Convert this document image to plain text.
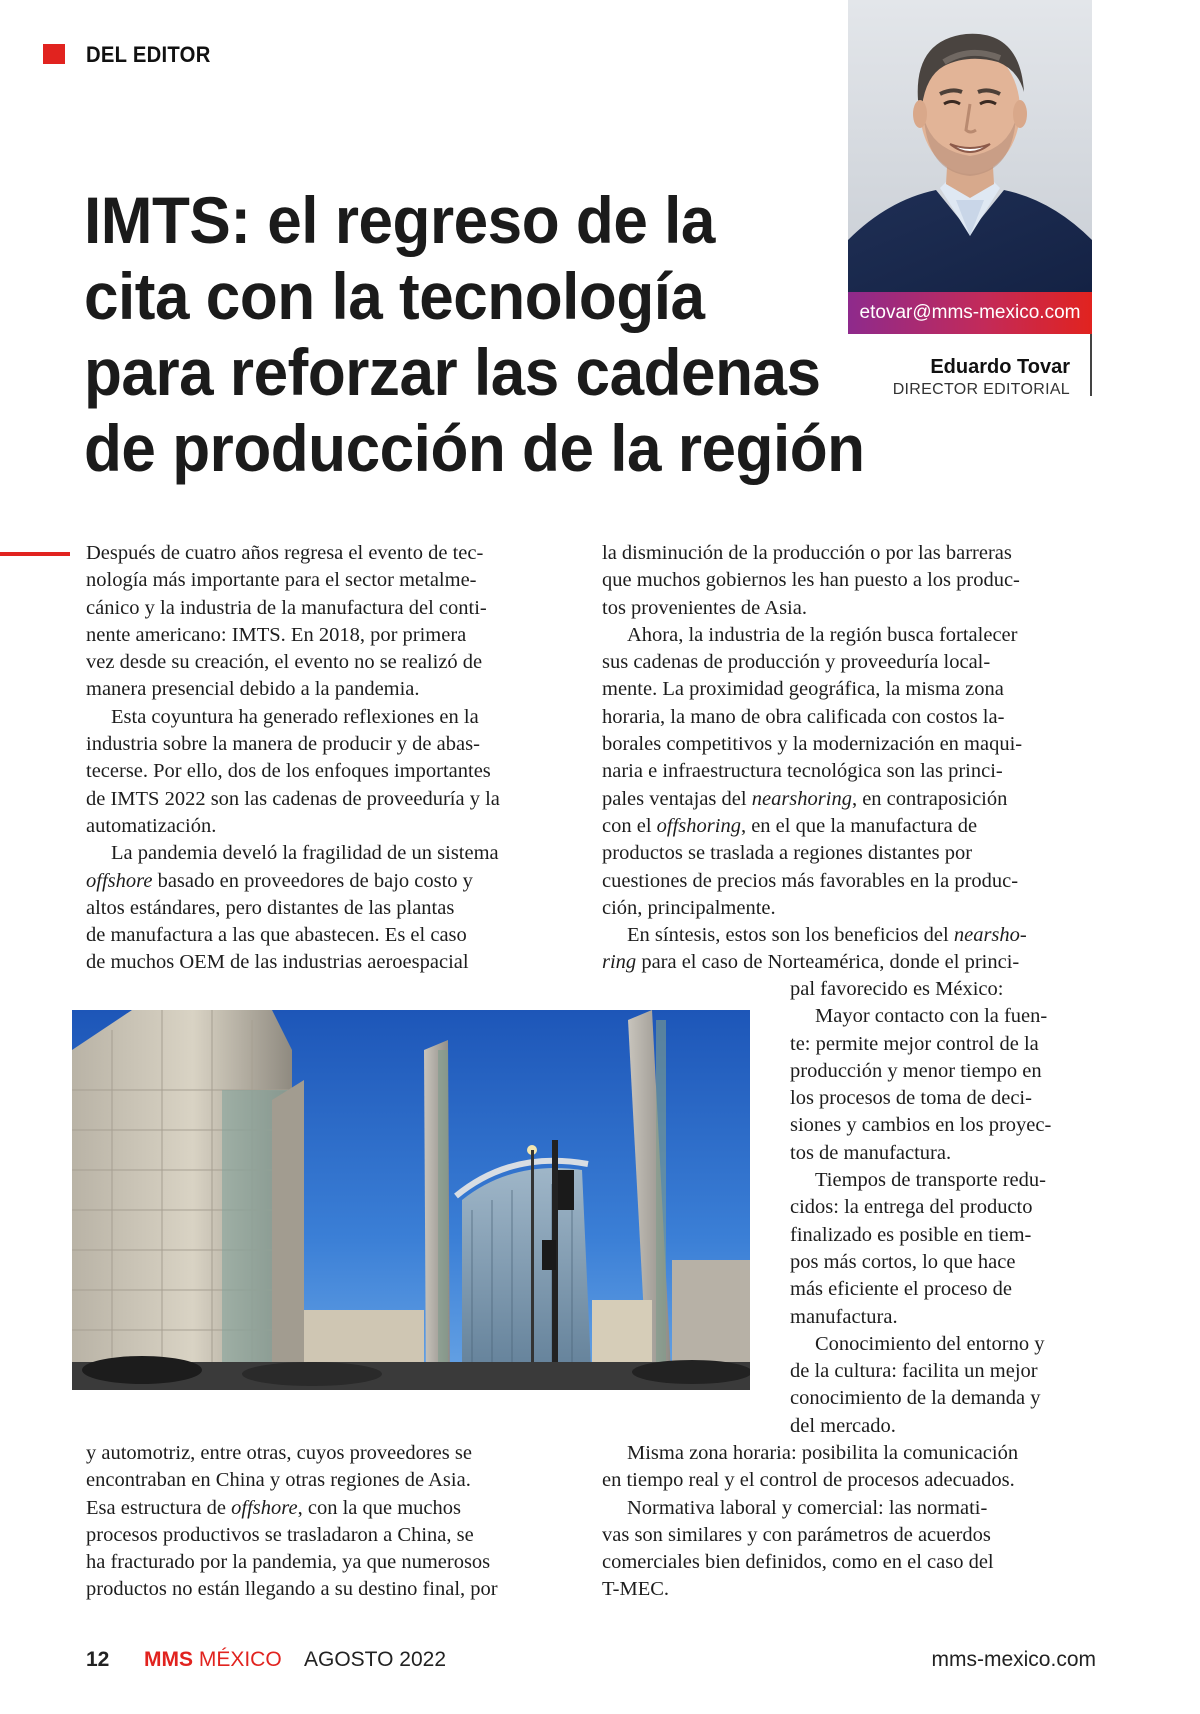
DEL EDITOR
IMTS: el regreso de la
cita con la tecnología
para reforzar las cadenas
de producción de la región
etovar@mms-mexico.com
Eduardo Tovar
DIRECTOR EDITORIAL

Después de cuatro años regresa el evento de tec-
nología más importante para el sector metalme-
cánico y la industria de la manufactura del conti-
nente americano: IMTS. En 2018, por primera
vez desde su creación, el evento no se realizó de
manera presencial debido a la pandemia.

Esta coyuntura ha generado reflexiones en la
industria sobre la manera de producir y de abas-
tecerse. Por ello, dos de los enfoques importantes
de IMTS 2022 son las cadenas de proveeduría y la
automatización.

La pandemia develó la fragilidad de un sistema
offshore basado en proveedores de bajo costo y
altos estándares, pero distantes de las plantas
de manufactura a las que abastecen. Es el caso
de muchos OEM de las industrias aeroespacial

y automotriz, entre otras, cuyos proveedores se
encontraban en China y otras regiones de Asia.
Esa estructura de offshore, con la que muchos
procesos productivos se trasladaron a China, se
ha fracturado por la pandemia, ya que numerosos
productos no están llegando a su destino final, por

la disminución de la producción o por las barreras
que muchos gobiernos les han puesto a los produc-
tos provenientes de Asia.

Ahora, la industria de la región busca fortalecer
sus cadenas de producción y proveeduría local-
mente. La proximidad geográfica, la misma zona
horaria, la mano de obra calificada con costos la-
borales competitivos y la modernización en maqui-
naria e infraestructura tecnológica son las princi-
pales ventajas del nearshoring, en contraposición
con el offshoring, en el que la manufactura de
productos se traslada a regiones distantes por
cuestiones de precios más favorables en la produc-
ción, principalmente.

En síntesis, estos son los beneficios del nearsho-
ring para el caso de Norteamérica, donde el princi-

pal favorecido es México:

Mayor contacto con la fuen-
te: permite mejor control de la
producción y menor tiempo en
los procesos de toma de deci-
siones y cambios en los proyec-
tos de manufactura.

Tiempos de transporte redu-
cidos: la entrega del producto
finalizado es posible en tiem-
pos más cortos, lo que hace
más eficiente el proceso de
manufactura.

Conocimiento del entorno y
de la cultura: facilita un mejor
conocimiento de la demanda y
del mercado.

Misma zona horaria: posibilita la comunicación
en tiempo real y el control de procesos adecuados.

Normativa laboral y comercial: las normati-
vas son similares y con parámetros de acuerdos
comerciales bien definidos, como en el caso del
T-MEC.

12 MMS MÉXICO AGOSTO 2022	mms-mexico.com
